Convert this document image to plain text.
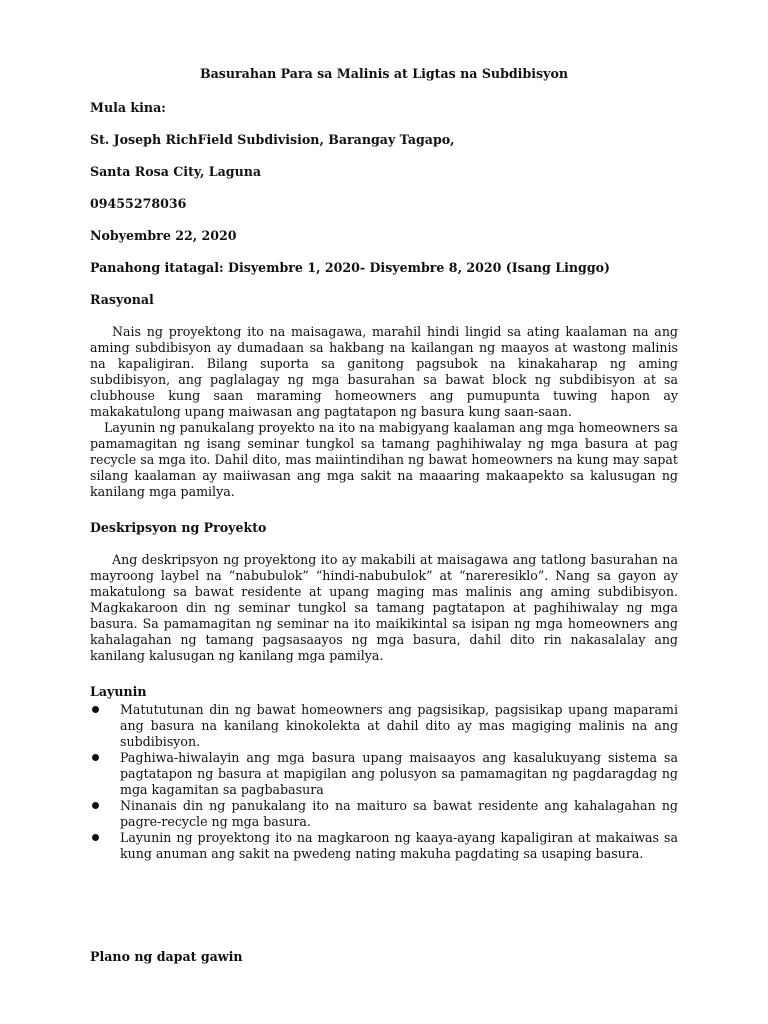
Basurahan Para sa Malinis at Ligtas na Subdibisyon

Mula kina:

St. Joseph RichField Subdivision, Barangay Tagapo,

Santa Rosa City, Laguna

09455278036

Nobyembre 22, 2020

Panahong itatagal: Disyembre 1, 2020- Disyembre 8, 2020 (Isang Linggo)

Rasyonal

Nais ng proyektong ito na maisagawa, marahil hindi lingid sa ating kaalaman na ang aming subdibisyon ay dumadaan sa hakbang na kailangan ng maayos at wastong malinis na kapaligiran. Bilang suporta sa ganitong pagsubok na kinakaharap ng aming subdibisyon, ang paglalagay ng mga basurahan sa bawat block ng subdibisyon at sa clubhouse kung saan maraming homeowners ang pumupunta tuwing hapon ay makakatulong upang maiwasan ang pagtatapon ng basura kung saan-saan.

Layunin ng panukalang proyekto na ito na mabigyang kaalaman ang mga homeowners sa pamamagitan ng isang seminar tungkol sa tamang paghihiwalay ng mga basura at pag recycle sa mga ito. Dahil dito, mas maiintindihan ng bawat homeowners na kung may sapat silang kaalaman ay maiiwasan ang mga sakit na maaaring makaapekto sa kalusugan ng kanilang mga pamilya.

Deskripsyon ng Proyekto

Ang deskripsyon ng proyektong ito ay makabili at maisagawa ang tatlong basurahan na mayroong laybel na “nabubulok” “hindi-nabubulok” at “nareresiklo”. Nang sa gayon ay makatulong sa bawat residente at upang maging mas malinis ang aming subdibisyon. Magkakaroon din ng seminar tungkol sa tamang pagtatapon at paghihiwalay ng mga basura. Sa pamamagitan ng seminar na ito maikikintal sa isipan ng mga homeowners ang kahalagahan ng tamang pagsasaayos ng mga basura, dahil dito rin nakasalalay ang kanilang kalusugan ng kanilang mga pamilya.

Layunin

Matututunan din ng bawat homeowners ang pagsisikap, pagsisikap upang maparami ang basura na kanilang kinokolekta at dahil dito ay mas magiging malinis na ang subdibisyon.
Paghiwa-hiwalayin ang mga basura upang maisaayos ang kasalukuyang sistema sa pagtatapon ng basura at mapigilan ang polusyon sa pamamagitan ng pagdaragdag ng mga kagamitan sa pagbabasura
Ninanais din ng panukalang ito na maituro sa bawat residente ang kahalagahan ng pagre-recycle ng mga basura.
Layunin ng proyektong ito na magkaroon ng kaaya-ayang kapaligiran at makaiwas sa kung anuman ang sakit na pwedeng nating makuha pagdating sa usaping basura.

Plano ng dapat gawin
